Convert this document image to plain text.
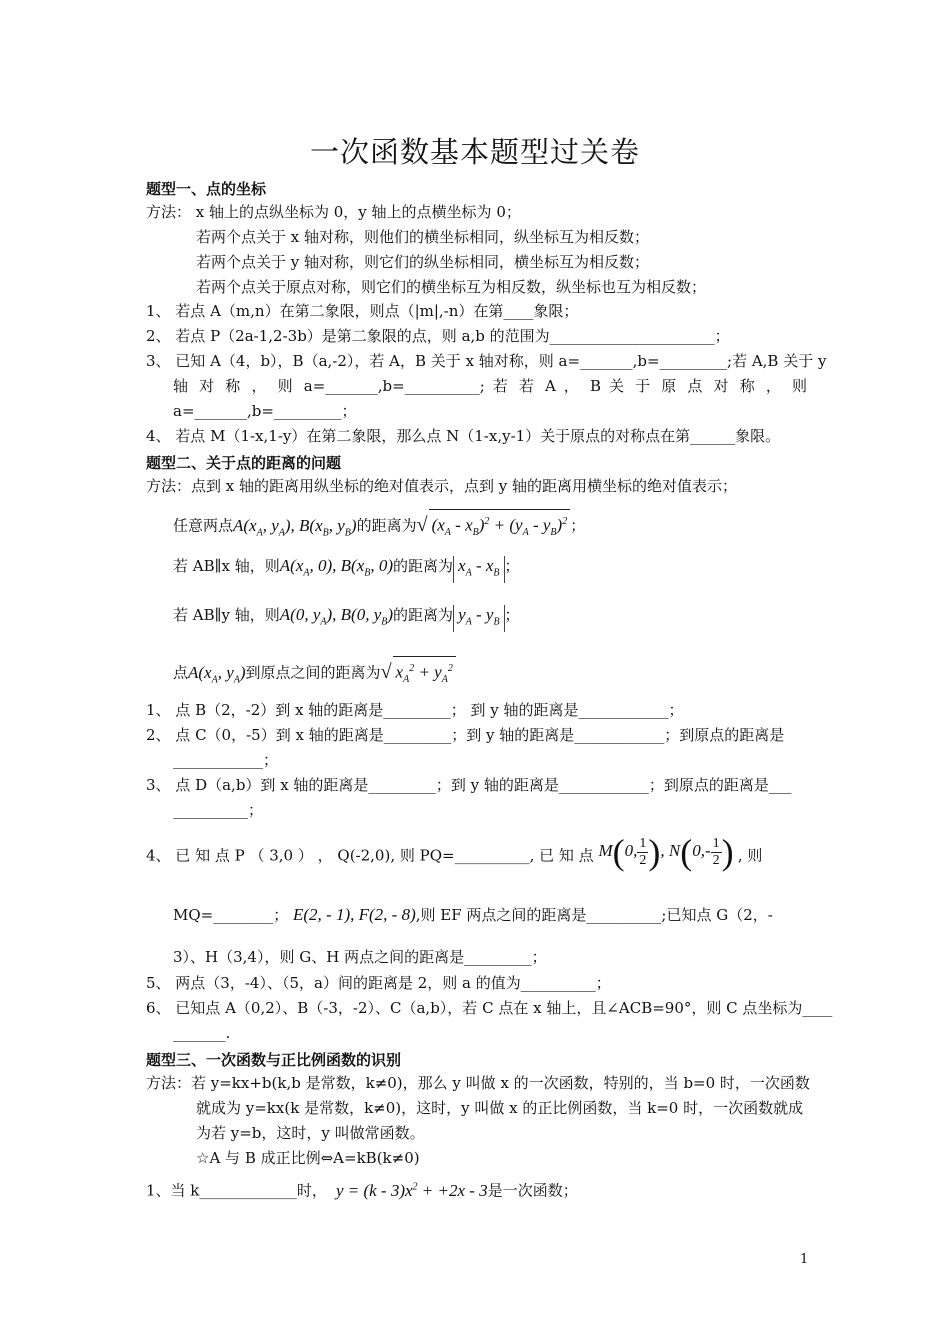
一次函数基本题型过关卷
题型一、点的坐标
方法： x 轴上的点纵坐标为 0，y 轴上的点横坐标为 0；
若两个点关于 x 轴对称，则他们的横坐标相同，纵坐标互为相反数；
若两个点关于 y 轴对称，则它们的纵坐标相同，横坐标互为相反数；
若两个点关于原点对称，则它们的横坐标互为相反数，纵坐标也互为相反数；
1、 若点 A（m,n）在第二象限，则点（|m|,-n）在第____象限；
2、 若点 P（2a-1,2-3b）是第二象限的点，则 a,b 的范围为______________________；
3、 已知 A（4，b），B（a,-2），若 A，B 关于 x 轴对称，则 a=_______,b=_________;若 A,B 关于 y
轴 对 称 ， 则 a=_______,b=__________; 若 若 A ， B 关 于 原 点 对 称 ， 则
a=_______,b=_________；
4、 若点 M（1-x,1-y）在第二象限，那么点 N（1-x,y-1）关于原点的对称点在第______象限。
题型二、关于点的距离的问题
方法：点到 x 轴的距离用纵坐标的绝对值表示，点到 y 轴的距离用横坐标的绝对值表示；
任意两点$A(x_A$, $y_A$), $B(x_B$, $y_B$)的距离为√ $(x_A - x_B)^2 + (y_A - y_B)^2$ ；
若 AB∥x 轴，则$A(x_A$, 0), $B(x_B$, 0)的距离为 $x_A - x_B$ ；
若 AB∥y 轴，则A(0, $y_A$), B(0, $y_B$)的距离为 $y_A - y_B$ ；
点$A(x_A$, $y_A$)到原点之间的距离为√ $x_A^2 + y_A^2$
1、 点 B（2，-2）到 x 轴的距离是_________； 到 y 轴的距离是____________；
2、 点 C（0，-5）到 x 轴的距离是_________；到 y 轴的距离是____________；到原点的距离是
____________；
3、 点 D（a,b）到 x 轴的距离是_________；到 y 轴的距离是____________；到原点的距离是___
__________；
4、 已 知 点 P （ 3,0 ） ， Q(-2,0), 则 PQ=__________, 已 知 点 M(0, $\frac{1}{2}$ ), $N(0,- \frac{1}{2}$ ) , 则
MQ=________； E(2, - 1), F(2, - 8),则 EF 两点之间的距离是__________;已知点 G（2，-
3）、H（3,4），则 G、H 两点之间的距离是_________；
5、 两点（3，-4）、（5，a）间的距离是 2，则 a 的值为__________；
6、 已知点 A（0,2）、B（-3，-2）、C（a,b），若 C 点在 x 轴上，且∠ACB=90°，则 C 点坐标为____
_______.
题型三、一次函数与正比例函数的识别
方法：若 y=kx+b(k,b 是常数，k≠0)，那么 y 叫做 x 的一次函数，特别的，当 b=0 时，一次函数
就成为 y=kx(k 是常数，k≠0)，这时，y 叫做 x 的正比例函数，当 k=0 时，一次函数就成
为若 y=b，这时，y 叫做常函数。
☆A 与 B 成正比例⇔A=kB(k≠0)
1、当 k_____________时，  $y = (k - 3)x^2 + +2x - 3$是一次函数；
1
